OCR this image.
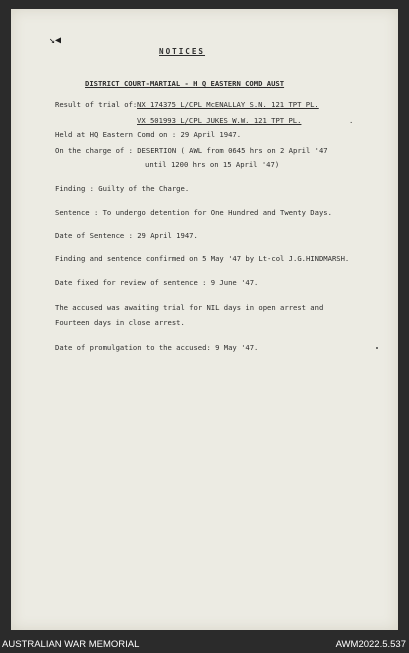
↘◀
NOTICES
DISTRICT COURT-MARTIAL - H Q EASTERN COMD AUST
Result of trial of: NX 174375 L/CPL McENALLAY S.N. 121 TPT PL.
VX 501993 L/CPL JUKES W.W. 121 TPT PL.	.
Held at HQ Eastern Comd on : 29 April 1947.
On the charge of : DESERTION ( AWL from 0645 hrs on 2 April '47
until 1200 hrs on 15 April '47)
Finding : Guilty of the Charge.
Sentence : To undergo detention for One Hundred and Twenty Days.
Date of Sentence : 29 April 1947.
Finding and sentence confirmed on 5 May '47 by Lt-col J.G.HINDMARSH.
Date fixed for review of sentence : 9 June '47.
The accused was awaiting trial for NIL days in open arrest and
Fourteen days in close arrest.
Date of promulgation to the accused: 9 May '47.
AUSTRALIAN WAR MEMORIAL	AWM2022.5.537
